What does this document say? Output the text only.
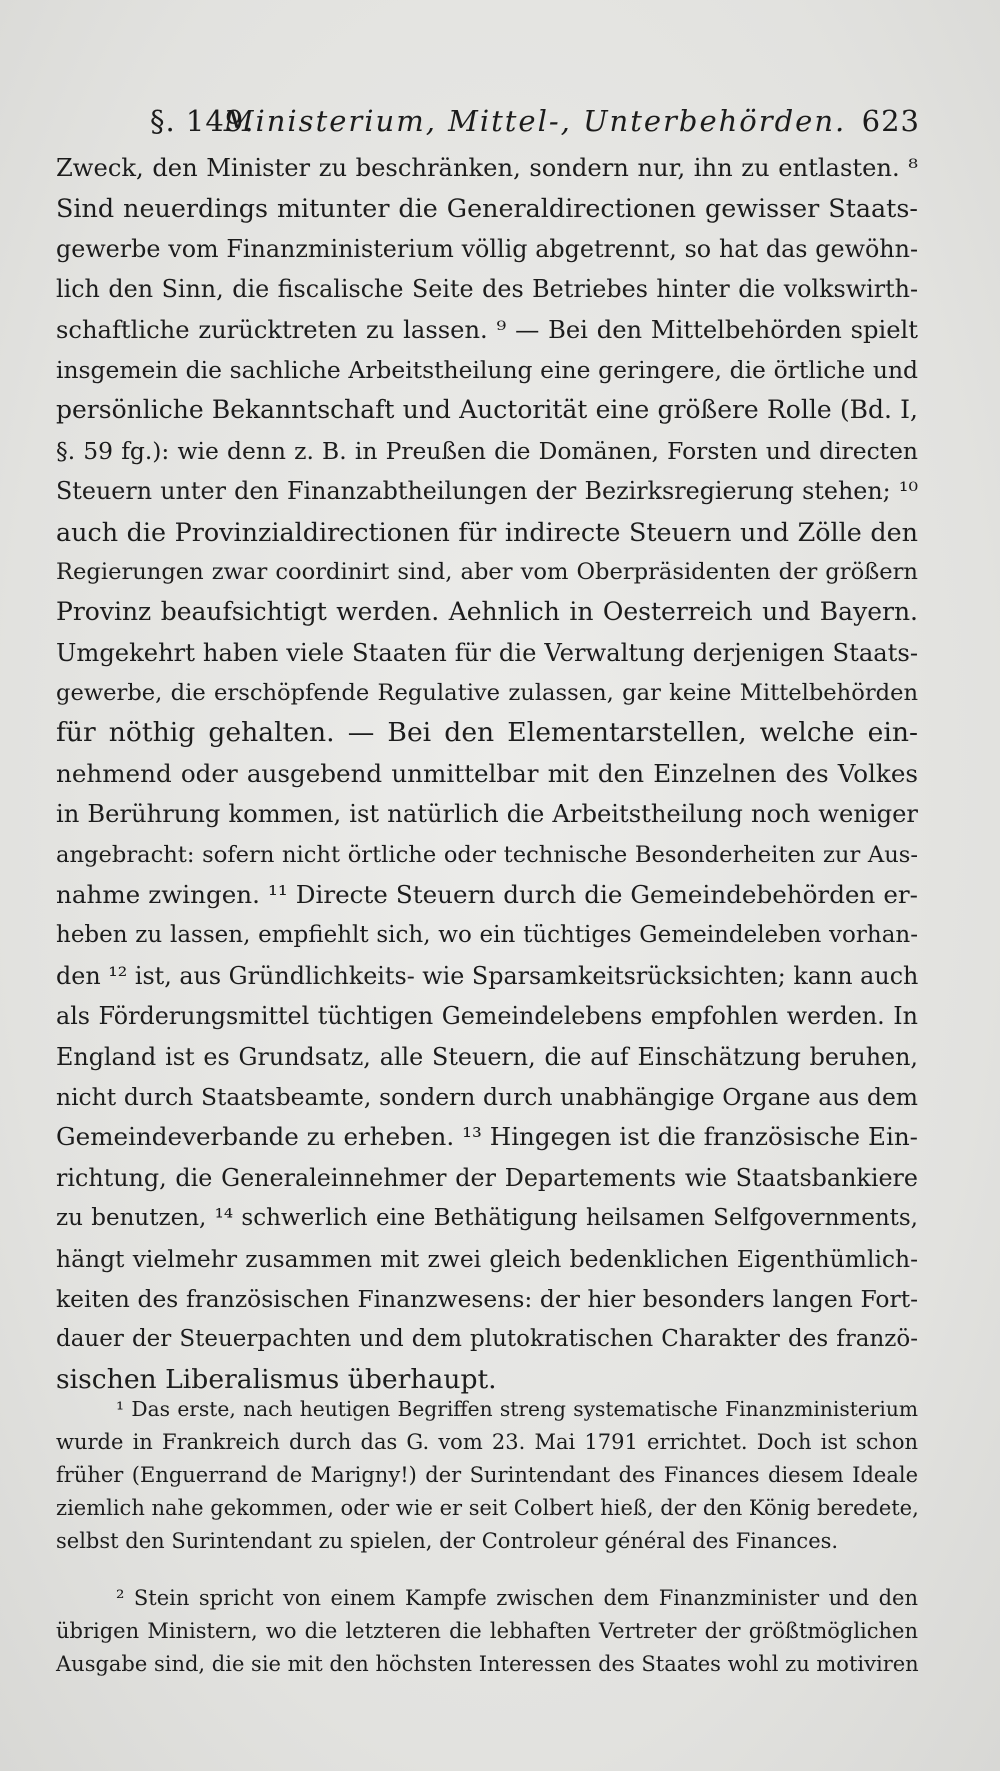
§. 149.
Ministerium, Mittel-, Unterbehörden. 623
Zweck, den Minister zu beschränken, sondern nur, ihn zu entlasten. ⁸
Sind neuerdings mitunter die Generaldirectionen gewisser Staats-
gewerbe vom Finanzministerium völlig abgetrennt, so hat das gewöhn-
lich den Sinn, die fiscalische Seite des Betriebes hinter die volkswirth-
schaftliche zurücktreten zu lassen. ⁹ — Bei den Mittelbehörden spielt
insgemein die sachliche Arbeitstheilung eine geringere, die örtliche und
persönliche Bekanntschaft und Auctorität eine größere Rolle (Bd. I,
§. 59 fg.): wie denn z. B. in Preußen die Domänen, Forsten und directen
Steuern unter den Finanzabtheilungen der Bezirksregierung stehen; ¹⁰
auch die Provinzialdirectionen für indirecte Steuern und Zölle den
Regierungen zwar coordinirt sind, aber vom Oberpräsidenten der größern
Provinz beaufsichtigt werden. Aehnlich in Oesterreich und Bayern.
Umgekehrt haben viele Staaten für die Verwaltung derjenigen Staats-
gewerbe, die erschöpfende Regulative zulassen, gar keine Mittelbehörden
für nöthig gehalten. — Bei den Elementarstellen, welche ein-
nehmend oder ausgebend unmittelbar mit den Einzelnen des Volkes
in Berührung kommen, ist natürlich die Arbeitstheilung noch weniger
angebracht: sofern nicht örtliche oder technische Besonderheiten zur Aus-
nahme zwingen. ¹¹ Directe Steuern durch die Gemeindebehörden er-
heben zu lassen, empfiehlt sich, wo ein tüchtiges Gemeindeleben vorhan-
den ¹² ist, aus Gründlichkeits- wie Sparsamkeitsrücksichten; kann auch
als Förderungsmittel tüchtigen Gemeindelebens empfohlen werden. In
England ist es Grundsatz, alle Steuern, die auf Einschätzung beruhen,
nicht durch Staatsbeamte, sondern durch unabhängige Organe aus dem
Gemeindeverbande zu erheben. ¹³ Hingegen ist die französische Ein-
richtung, die Generaleinnehmer der Departements wie Staatsbankiere
zu benutzen, ¹⁴ schwerlich eine Bethätigung heilsamen Selfgovernments,
hängt vielmehr zusammen mit zwei gleich bedenklichen Eigenthümlich-
keiten des französischen Finanzwesens: der hier besonders langen Fort-
dauer der Steuerpachten und dem plutokratischen Charakter des franzö-
sischen Liberalismus überhaupt.
¹ Das erste, nach heutigen Begriffen streng systematische Finanzministerium
wurde in Frankreich durch das G. vom 23. Mai 1791 errichtet. Doch ist schon
früher (Enguerrand de Marigny!) der Surintendant des Finances diesem Ideale
ziemlich nahe gekommen, oder wie er seit Colbert hieß, der den König beredete,
selbst den Surintendant zu spielen, der Controleur général des Finances.
² Stein spricht von einem Kampfe zwischen dem Finanzminister und den
übrigen Ministern, wo die letzteren die lebhaften Vertreter der größtmöglichen
Ausgabe sind, die sie mit den höchsten Interessen des Staates wohl zu motiviren
